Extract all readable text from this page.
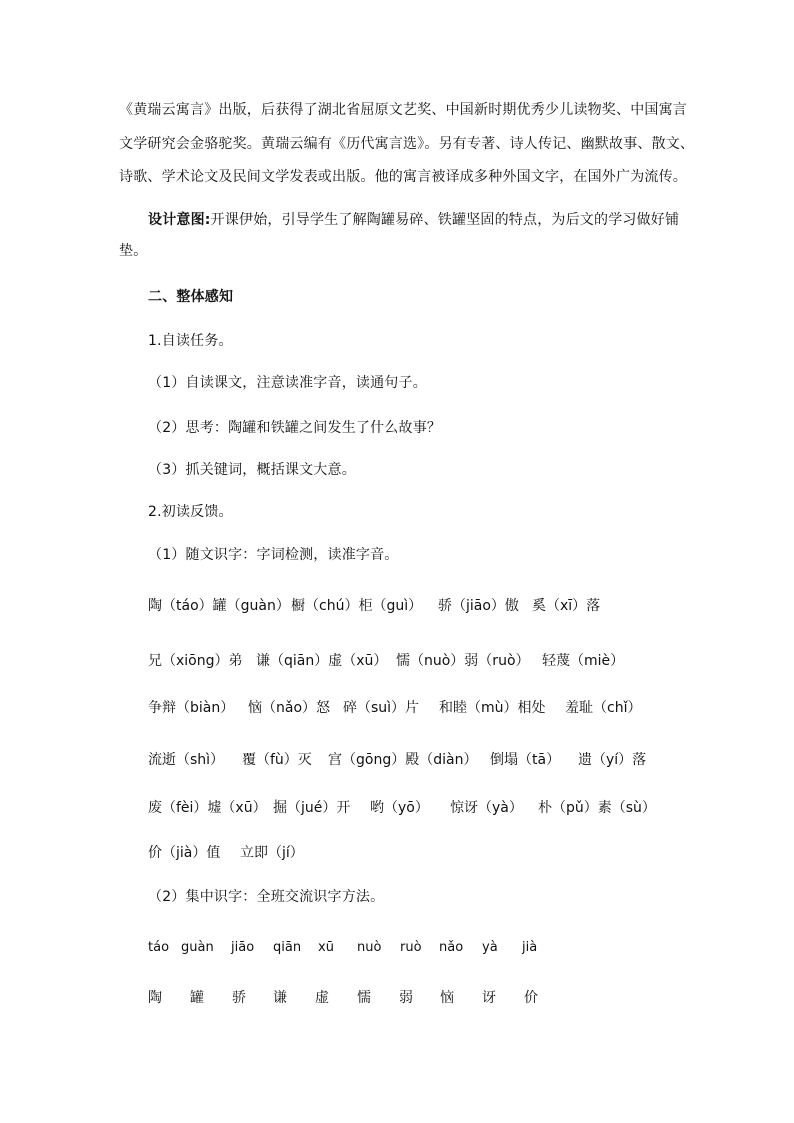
《黄瑞云寓言》出版，后获得了湖北省屈原文艺奖、中国新时期优秀少儿读物奖、中国寓言
文学研究会金骆驼奖。黄瑞云编有《历代寓言选》。另有专著、诗人传记、幽默故事、散文、
诗歌、学术论文及民间文学发表或出版。他的寓言被译成多种外国文字，在国外广为流传。
设计意图:开课伊始，引导学生了解陶罐易碎、铁罐坚固的特点，为后文的学习做好铺
垫。
二、整体感知
1.自读任务。
（1）自读课文，注意读准字音，读通句子。
（2）思考：陶罐和铁罐之间发生了什么故事？
（3）抓关键词，概括课文大意。
2.初读反馈。
（1）随文识字：字词检测，读准字音。
陶（táo）罐（guàn） 橱（chú）柜（guì） 骄（jiāo）傲 奚（xī）落
兄（xiōng）弟 谦（qiān）虚（xū） 懦（nuò）弱（ruò） 轻蔑（miè）
争辩（biàn） 恼（nǎo）怒 碎（suì）片 和睦（mù）相处 羞耻（chǐ）
流逝（shì） 覆（fù）灭 宫（gōng）殿（diàn） 倒塌（tā） 遗（yí）落
废（fèi）墟（xū） 掘（jué）开 哟（yō） 惊讶（yà） 朴（pǔ）素（sù）
价（jià）值 立即（jí）
（2）集中识字：全班交流识字方法。
táo guàn jiāo qiān xū nuò ruò nǎo yà jià
陶 罐 骄 谦 虚 懦 弱 恼 讶 价
